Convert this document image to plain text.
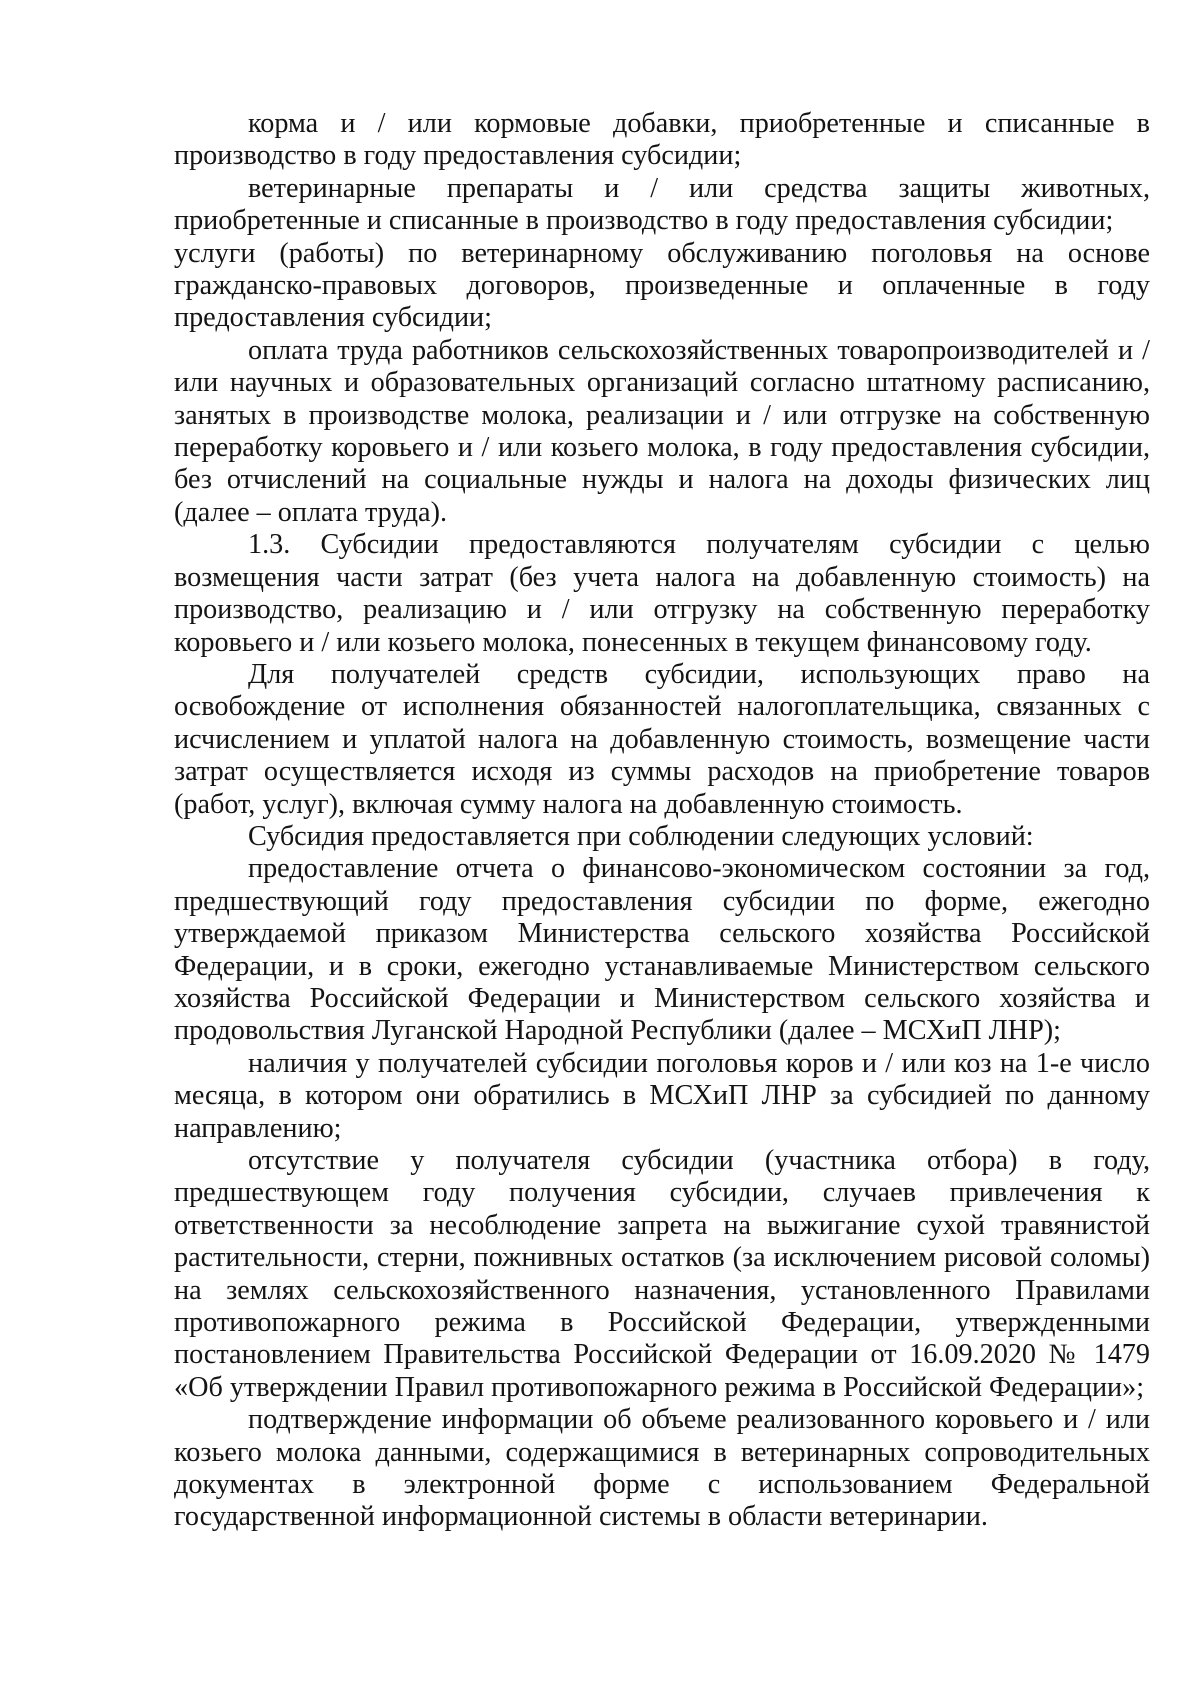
корма и / или кормовые добавки, приобретенные и списанные в производство в году предоставления субсидии;

ветеринарные препараты и / или средства защиты животных, приобретенные и списанные в производство в году предоставления субсидии;

услуги (работы) по ветеринарному обслуживанию поголовья на основе гражданско-правовых договоров, произведенные и оплаченные в году предоставления субсидии;

оплата труда работников сельскохозяйственных товаропроизводителей и / или научных и образовательных организаций согласно штатному расписанию, занятых в производстве молока, реализации и / или отгрузке на собственную переработку коровьего и / или козьего молока, в году предоставления субсидии, без отчислений на социальные нужды и налога на доходы физических лиц (далее – оплата труда).

1.3. Субсидии предоставляются получателям субсидии с целью возмещения части затрат (без учета налога на добавленную стоимость) на производство, реализацию и / или отгрузку на собственную переработку коровьего и / или козьего молока, понесенных в текущем финансовому году.

Для получателей средств субсидии, использующих право на освобождение от исполнения обязанностей налогоплательщика, связанных с исчислением и уплатой налога на добавленную стоимость, возмещение части затрат осуществляется исходя из суммы расходов на приобретение товаров (работ, услуг), включая сумму налога на добавленную стоимость.

Субсидия предоставляется при соблюдении следующих условий:

предоставление отчета о финансово-экономическом состоянии за год, предшествующий году предоставления субсидии по форме, ежегодно утверждаемой приказом Министерства сельского хозяйства Российской Федерации, и в сроки, ежегодно устанавливаемые Министерством сельского хозяйства Российской Федерации и Министерством сельского хозяйства и продовольствия Луганской Народной Республики (далее – МСХиП ЛНР);

наличия у получателей субсидии поголовья коров и / или коз на 1-е число месяца, в котором они обратились в МСХиП ЛНР за субсидией по данному направлению;

отсутствие у получателя субсидии (участника отбора) в году, предшествующем году получения субсидии, случаев привлечения к ответственности за несоблюдение запрета на выжигание сухой травянистой растительности, стерни, пожнивных остатков (за исключением рисовой соломы) на землях сельскохозяйственного назначения, установленного Правилами противопожарного режима в Российской Федерации, утвержденными постановлением Правительства Российской Федерации от 16.09.2020 № 1479 «Об утверждении Правил противопожарного режима в Российской Федерации»;

подтверждение информации об объеме реализованного коровьего и / или козьего молока данными, содержащимися в ветеринарных сопроводительных документах в электронной форме с использованием Федеральной государственной информационной системы в области ветеринарии.
